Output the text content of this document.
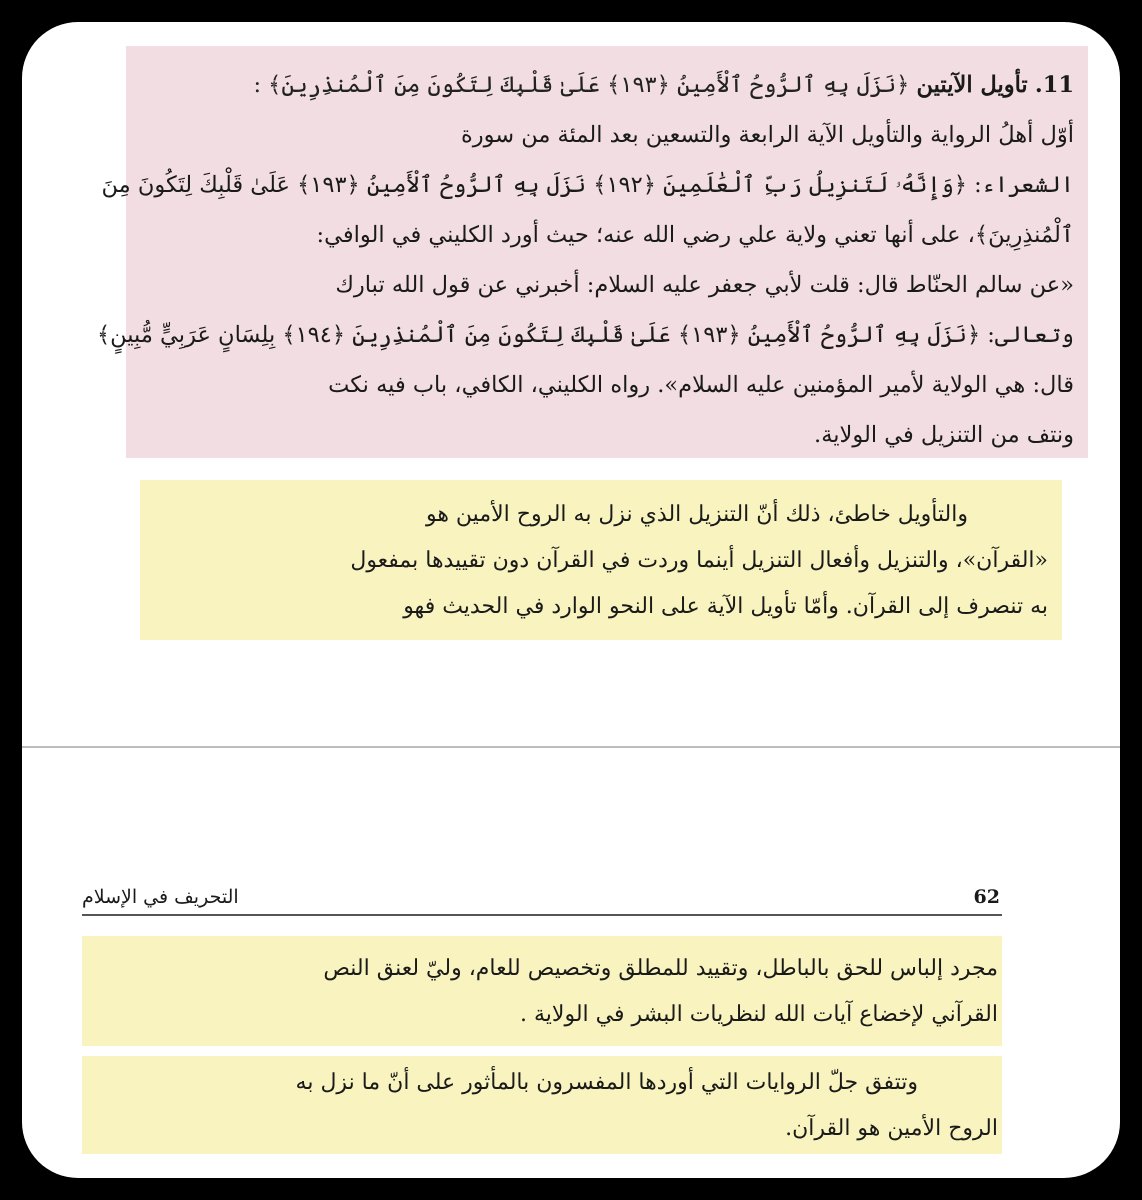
11. تأويل الآيتين ﴿نَزَلَ بِهِ ٱلرُّوحُ ٱلْأَمِينُ ﴿١٩٣﴾ عَلَىٰ قَلْبِكَ لِتَكُونَ مِنَ ٱلْمُنذِرِينَ﴾ :
أوّل أهلُ الرواية والتأويل الآية الرابعة والتسعين بعد المئة من سورة
الشعراء: ﴿وَإِنَّهُۥ لَتَنزِيلُ رَبِّ ٱلْعَٰلَمِينَ ﴿١٩٢﴾ نَزَلَ بِهِ ٱلرُّوحُ ٱلْأَمِينُ ﴿١٩٣﴾ عَلَىٰ قَلْبِكَ لِتَكُونَ مِنَ
ٱلْمُنذِرِينَ﴾، على أنها تعني ولاية علي رضي الله عنه؛ حيث أورد الكليني في الوافي:
«عن سالم الحنّاط قال: قلت لأبي جعفر عليه السلام: أخبرني عن قول الله تبارك
وتعالى: ﴿نَزَلَ بِهِ ٱلرُّوحُ ٱلْأَمِينُ ﴿١٩٣﴾ عَلَىٰ قَلْبِكَ لِتَكُونَ مِنَ ٱلْمُنذِرِينَ ﴿١٩٤﴾ بِلِسَانٍ عَرَبِيٍّ مُّبِينٍ﴾
قال: هي الولاية لأمير المؤمنين عليه السلام». رواه الكليني، الكافي، باب فيه نكت
ونتف من التنزيل في الولاية.
والتأويل خاطئ، ذلك أنّ التنزيل الذي نزل به الروح الأمين هو
«القرآن»، والتنزيل وأفعال التنزيل أينما وردت في القرآن دون تقييدها بمفعول
به تنصرف إلى القرآن. وأمّا تأويل الآية على النحو الوارد في الحديث فهو
62
التحريف في الإسلام
مجرد إلباس للحق بالباطل، وتقييد للمطلق وتخصيص للعام، وليّ لعنق النص
القرآني لإخضاع آيات الله لنظريات البشر في الولاية .
وتتفق جلّ الروايات التي أوردها المفسرون بالمأثور على أنّ ما نزل به
الروح الأمين هو القرآن.
